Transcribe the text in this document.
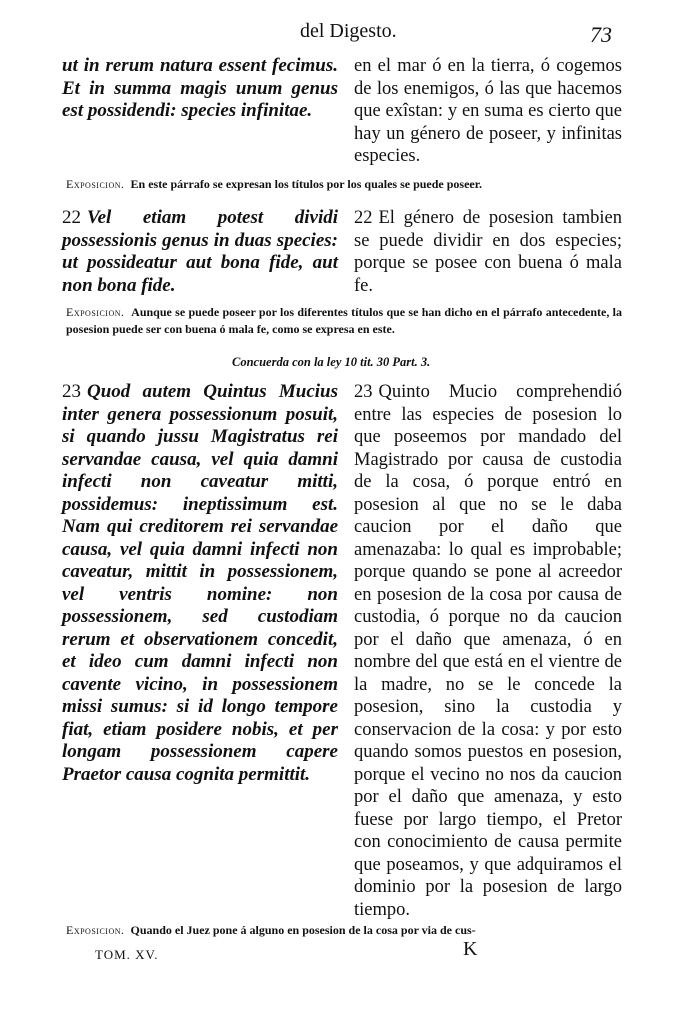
del Digesto.	73
ut in rerum natura essent fecimus. Et in summa magis unum genus est possidendi: species infinitae.
en el mar ó en la tierra, ó cogemos de los enemigos, ó las que hacemos que exîstan: y en suma es cierto que hay un género de poseer, y infinitas especies.
Exposicion. En este párrafo se expresan los títulos por los quales se puede poseer.
22 Vel etiam potest dividi possessionis genus in duas species: ut possideatur aut bona fide, aut non bona fide.
22 El género de posesion tambien se puede dividir en dos especies; porque se posee con buena ó mala fe.
Exposicion. Aunque se puede poseer por los diferentes títulos que se han dicho en el párrafo antecedente, la posesion puede ser con buena ó mala fe, como se expresa en este.
Concuerda con la ley 10 tit. 30 Part. 3.
23 Quod autem Quintus Mucius inter genera possessionum posuit, si quando jussu Magistratus rei servandae causa, vel quia damni infecti non caveatur mitti, possidemus: ineptissimum est. Nam qui creditorem rei servandae causa, vel quia damni infecti non caveatur, mittit in possessionem, vel ventris nomine: non possessionem, sed custodiam rerum et observationem concedit, et ideo cum damni infecti non cavente vicino, in possessionem missi sumus: si id longo tempore fiat, etiam posidere nobis, et per longam possessionem capere Praetor causa cognita permittit.
23 Quinto Mucio comprehendió entre las especies de posesion lo que poseemos por mandado del Magistrado por causa de custodia de la cosa, ó porque entró en posesion al que no se le daba caucion por el daño que amenazaba: lo qual es improbable; porque quando se pone al acreedor en posesion de la cosa por causa de custodia, ó porque no da caucion por el daño que amenaza, ó en nombre del que está en el vientre de la madre, no se le concede la posesion, sino la custodia y conservacion de la cosa: y por esto quando somos puestos en posesion, porque el vecino no nos da caucion por el daño que amenaza, y esto fuese por largo tiempo, el Pretor con conocimiento de causa permite que poseamos, y que adquiramos el dominio por la posesion de largo tiempo.
Exposicion. Quando el Juez pone á alguno en posesion de la cosa por via de cus-
TOM. XV.	K
